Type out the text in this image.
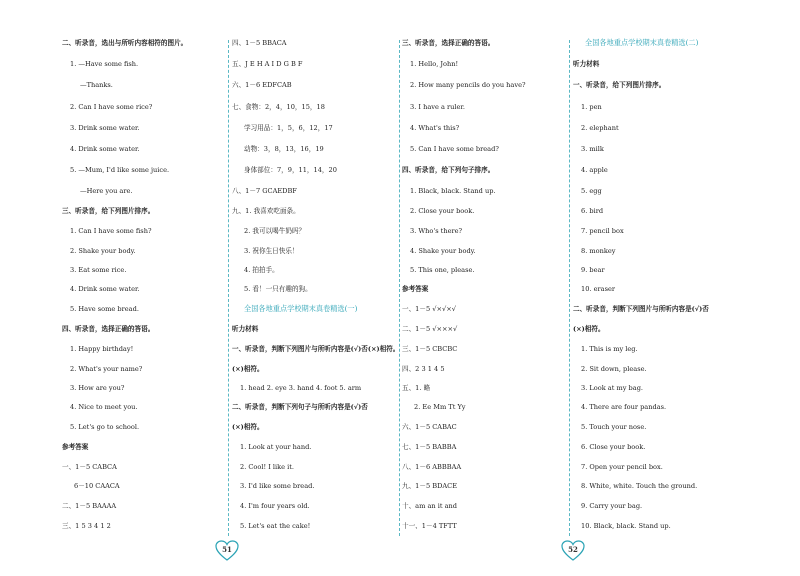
二、听录音，选出与所听内容相符的图片。
1. —Have some fish.
—Thanks.
2. Can I have some rice?
3. Drink some water.
4. Drink some water.
5. —Mum, I'd like some juice.
—Here you are.
三、听录音，给下列图片排序。
1. Can I have some fish?
2. Shake your body.
3. Eat some rice.
4. Drink some water.
5. Have some bread.
四、听录音，选择正确的答语。
1. Happy birthday!
2. What's your name?
3. How are you?
4. Nice to meet you.
5. Let's go to school.
参考答案
一、1－5 CABCA
6－10 CAACA
二、1－5 BAAAA
三、1 5 3 4 1 2
四、1－5 BBACA
五、J E H A I D G B F
六、1－6 EDFCAB
七、食物：2，4，10，15，18
学习用品：1，5，6，12，17
动物：3，8，13，16，19
身体部位：7，9，11，14，20
八、1－7 GCAEDBF
九、1. 我喜欢吃面条。
2. 我可以喝牛奶吗？
3. 祝你生日快乐！
4. 拍拍手。
5. 看！一只有趣的狗。
全国各地重点学校期末真卷精选(一)
听力材料
一、听录音，判断下列图片与所听内容是(√)否(×)相符。
(×)相符。
1. head 2. eye 3. hand 4. foot 5. arm
二、听录音，判断下列句子与所听内容是(√)否
(×)相符。
1. Look at your hand.
2. Cool! I like it.
3. I'd like some bread.
4. I'm four years old.
5. Let's eat the cake!
三、听录音，选择正确的答语。
1. Hello, John!
2. How many pencils do you have?
3. I have a ruler.
4. What's this?
5. Can I have some bread?
四、听录音，给下列句子排序。
1. Black, black. Stand up.
2. Close your book.
3. Who's there?
4. Shake your body.
5. This one, please.
参考答案
一、1－5 √×√×√
二、1－5 √×××√
三、1－5 CBCBC
四、2 3 1 4 5
五、1. 略
2. Ee Mm Tt Yy
六、1－5 CABAC
七、1－5 BABBA
八、1－6 ABBBAA
九、1－5 BDACE
十、am an it and
十一、1－4 TFTT
全国各地重点学校期末真卷精选(二)
听力材料
一、听录音，给下列图片排序。
1. pen
2. elephant
3. milk
4. apple
5. egg
6. bird
7. pencil box
8. monkey
9. bear
10. eraser
二、听录音，判断下列图片与所听内容是(√)否
(×)相符。
1. This is my leg.
2. Sit down, please.
3. Look at my bag.
4. There are four pandas.
5. Touch your nose.
6. Close your book.
7. Open your pencil box.
8. White, white. Touch the ground.
9. Carry your bag.
10. Black, black. Stand up.
51	52
